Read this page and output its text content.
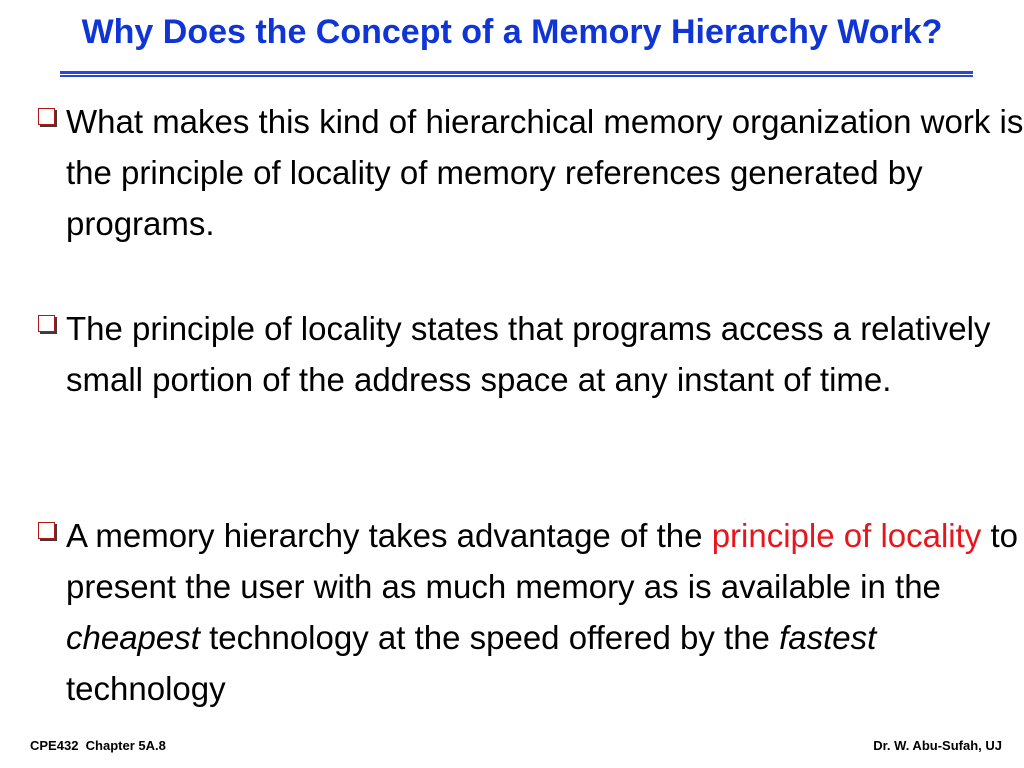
Why Does the Concept of a Memory Hierarchy Work?
What makes this kind of hierarchical memory organization work is the principle of locality of memory references generated by programs.
The principle of locality states that programs access a relatively small portion of the address space at any instant of time.
A memory hierarchy takes advantage of the principle of locality to present the user with as much memory as is available in the cheapest technology at the speed offered by the fastest technology
CPE432  Chapter 5A.8	Dr. W. Abu-Sufah, UJ
